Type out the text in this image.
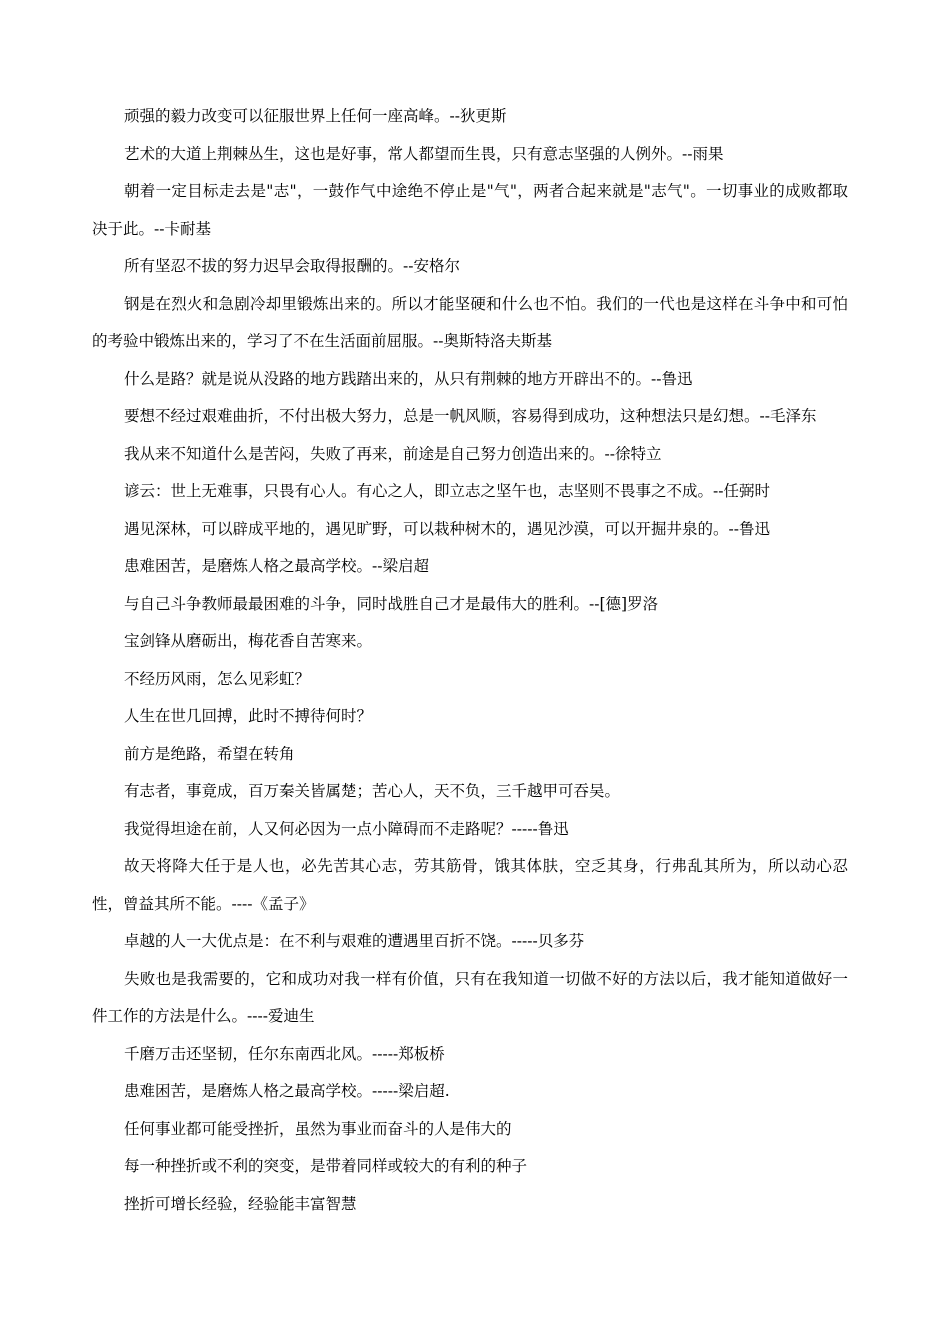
顽强的毅力改变可以征服世界上任何一座高峰。--狄更斯

艺术的大道上荆棘丛生，这也是好事，常人都望而生畏，只有意志坚强的人例外。--雨果

朝着一定目标走去是"志"，一鼓作气中途绝不停止是"气"，两者合起来就是"志气"。一切事业的成败都取决于此。--卡耐基

所有坚忍不拔的努力迟早会取得报酬的。--安格尔

钢是在烈火和急剧冷却里锻炼出来的。所以才能坚硬和什么也不怕。我们的一代也是这样在斗争中和可怕的考验中锻炼出来的，学习了不在生活面前屈服。--奥斯特洛夫斯基

什么是路？就是说从没路的地方践踏出来的，从只有荆棘的地方开辟出不的。--鲁迅

要想不经过艰难曲折，不付出极大努力，总是一帆风顺，容易得到成功，这种想法只是幻想。--毛泽东

我从来不知道什么是苦闷，失败了再来，前途是自己努力创造出来的。--徐特立

谚云：世上无难事，只畏有心人。有心之人，即立志之坚午也，志坚则不畏事之不成。--任弼时

遇见深林，可以辟成平地的，遇见旷野，可以栽种树木的，遇见沙漠，可以开掘井泉的。--鲁迅

患难困苦，是磨炼人格之最高学校。--梁启超

与自己斗争教师最最困难的斗争，同时战胜自己才是最伟大的胜利。--[德]罗洛

宝剑锋从磨砺出，梅花香自苦寒来。

不经历风雨，怎么见彩虹？

人生在世几回搏，此时不搏待何时？

前方是绝路，希望在转角

有志者，事竟成，百万秦关皆属楚；苦心人，天不负，三千越甲可吞吴。

我觉得坦途在前，人又何必因为一点小障碍而不走路呢？-----鲁迅

故天将降大任于是人也，必先苦其心志，劳其筋骨，饿其体肤，空乏其身，行弗乱其所为，所以动心忍性，曾益其所不能。----《孟子》

卓越的人一大优点是：在不利与艰难的遭遇里百折不饶。-----贝多芬

失败也是我需要的，它和成功对我一样有价值，只有在我知道一切做不好的方法以后，我才能知道做好一件工作的方法是什么。----爱迪生

千磨万击还坚韧，任尔东南西北风。-----郑板桥

患难困苦，是磨炼人格之最高学校。-----梁启超.

任何事业都可能受挫折，虽然为事业而奋斗的人是伟大的

每一种挫折或不利的突变，是带着同样或较大的有利的种子

挫折可增长经验，经验能丰富智慧
